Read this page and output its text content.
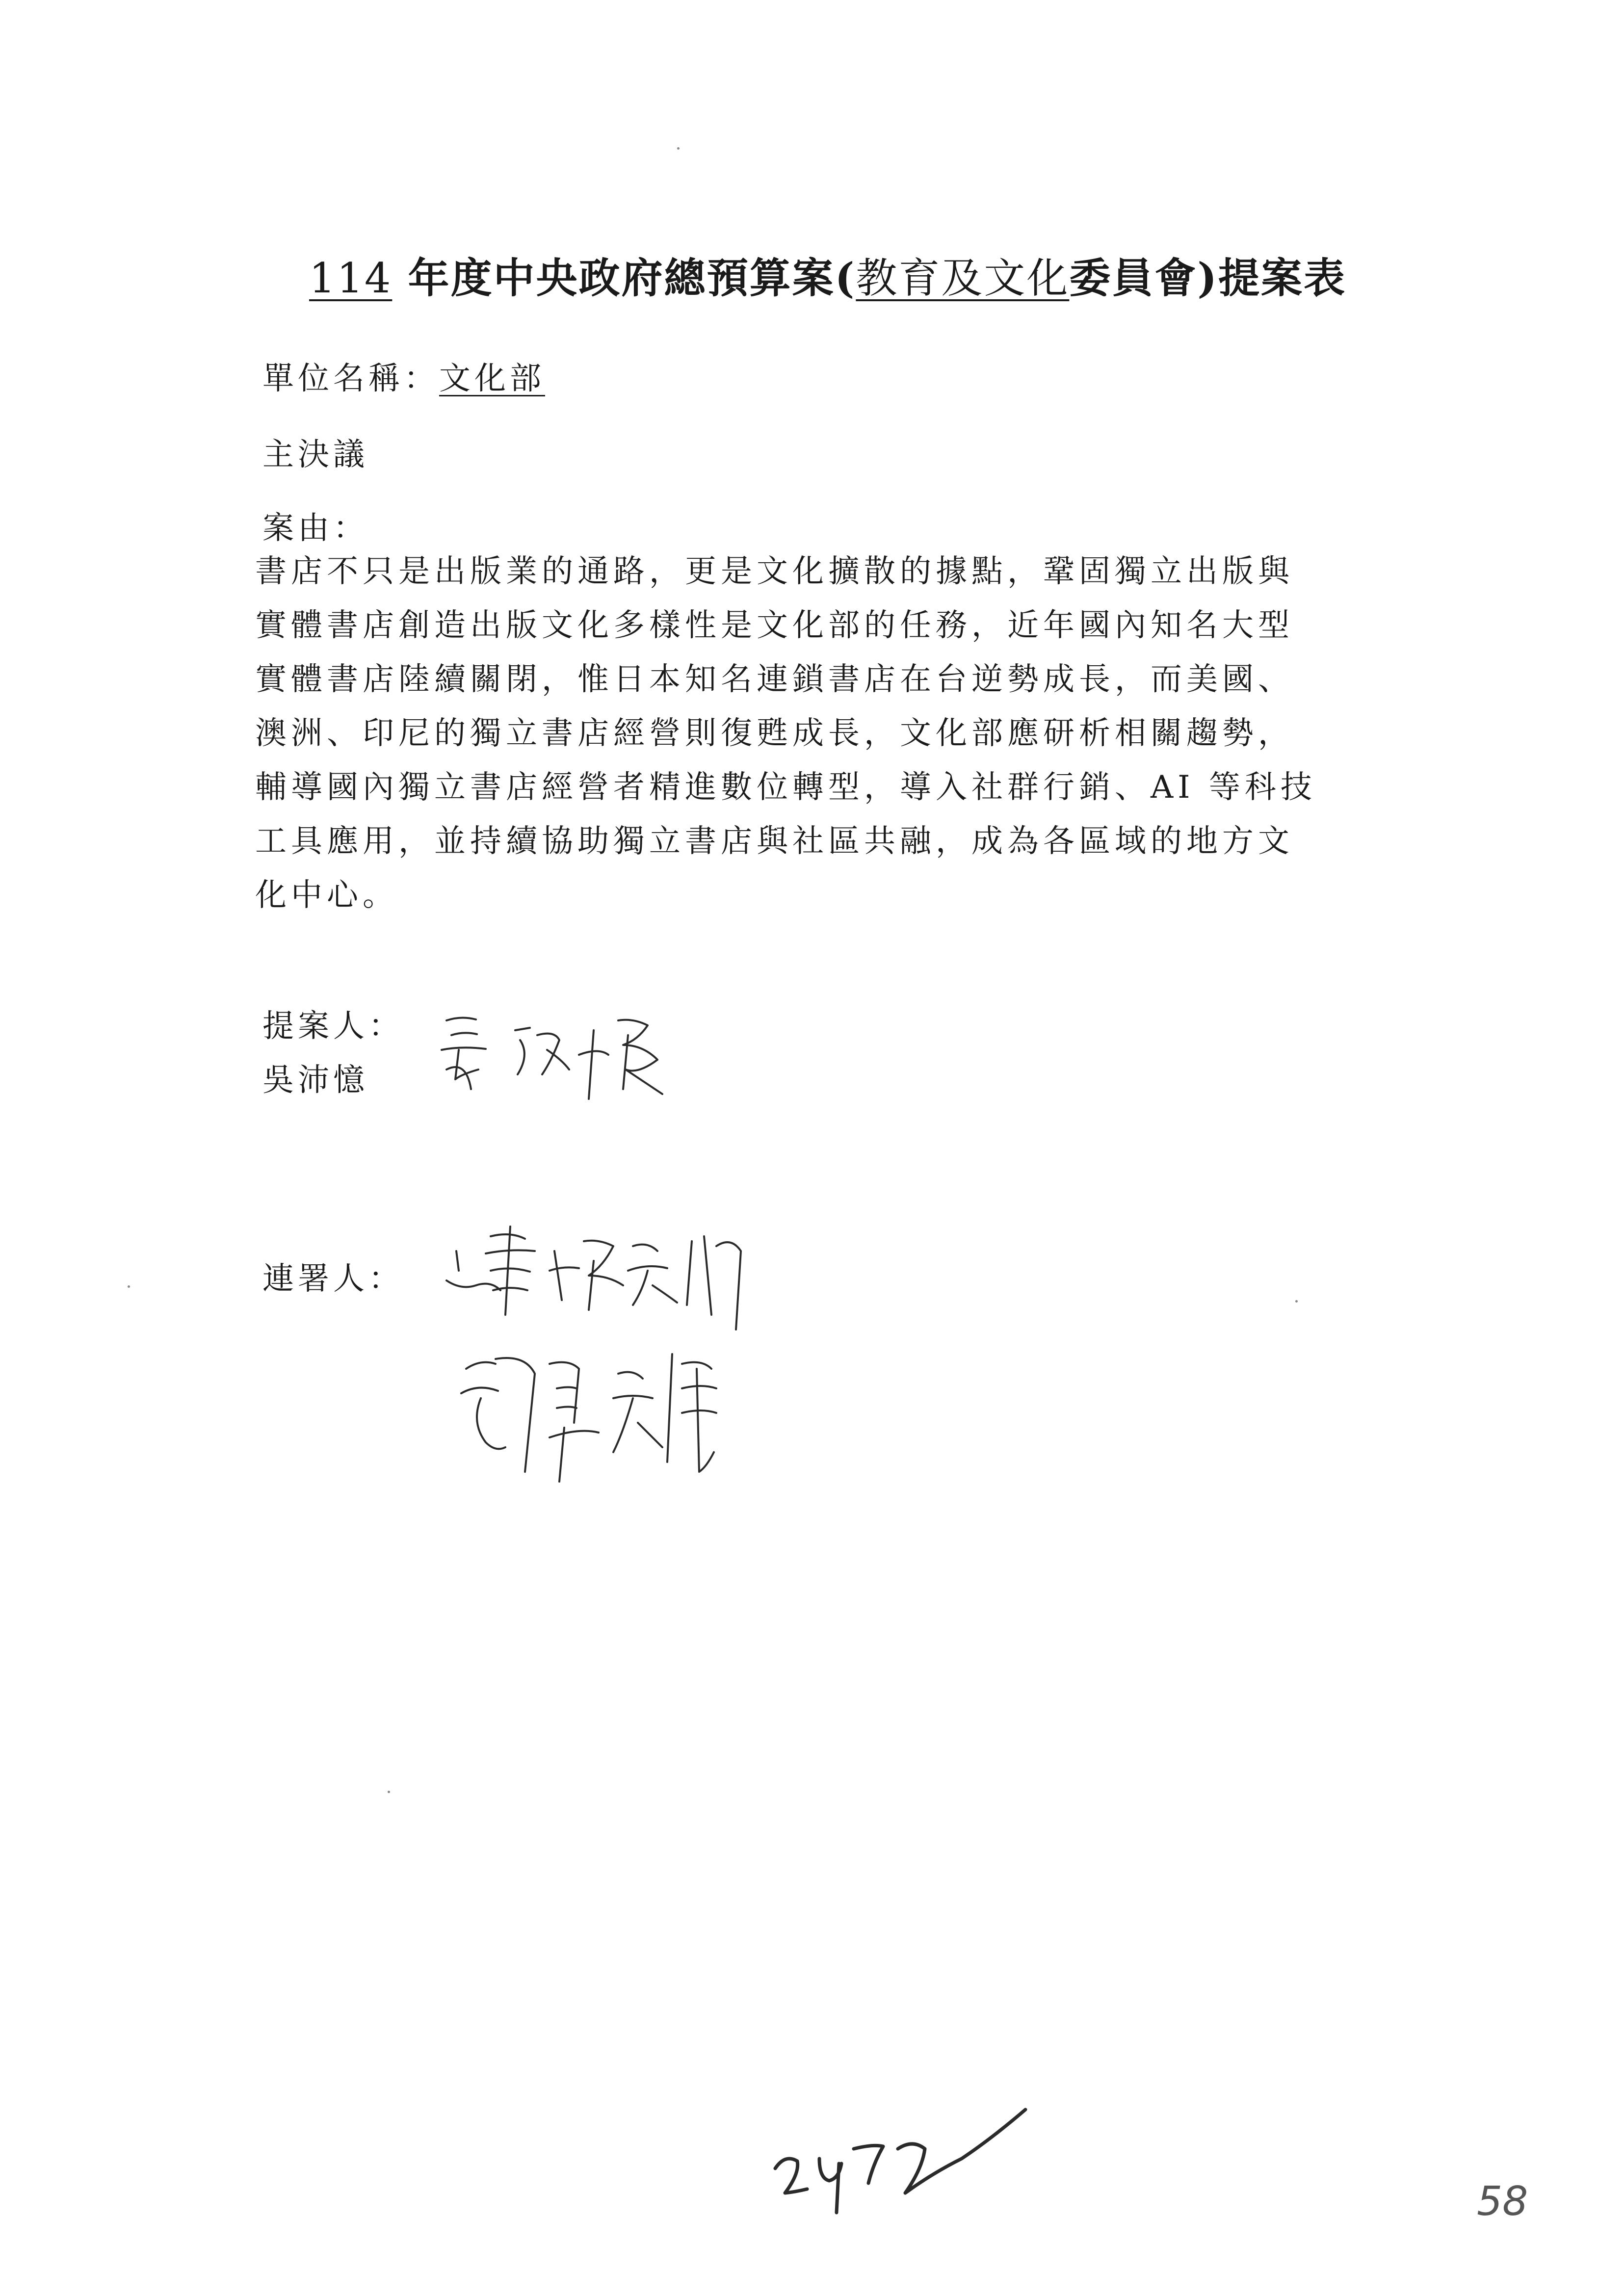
114 年度中央政府總預算案(教育及文化委員會)提案表
單位名稱：文化部
主決議
案由：
書店不只是出版業的通路，更是文化擴散的據點，鞏固獨立出版與
實體書店創造出版文化多樣性是文化部的任務，近年國內知名大型
實體書店陸續關閉，惟日本知名連鎖書店在台逆勢成長，而美國、
澳洲、印尼的獨立書店經營則復甦成長，文化部應研析相關趨勢，
輔導國內獨立書店經營者精進數位轉型，導入社群行銷、AI 等科技
工具應用，並持續協助獨立書店與社區共融，成為各區域的地方文
化中心。
提案人：
吳沛憶
連署人：
58
